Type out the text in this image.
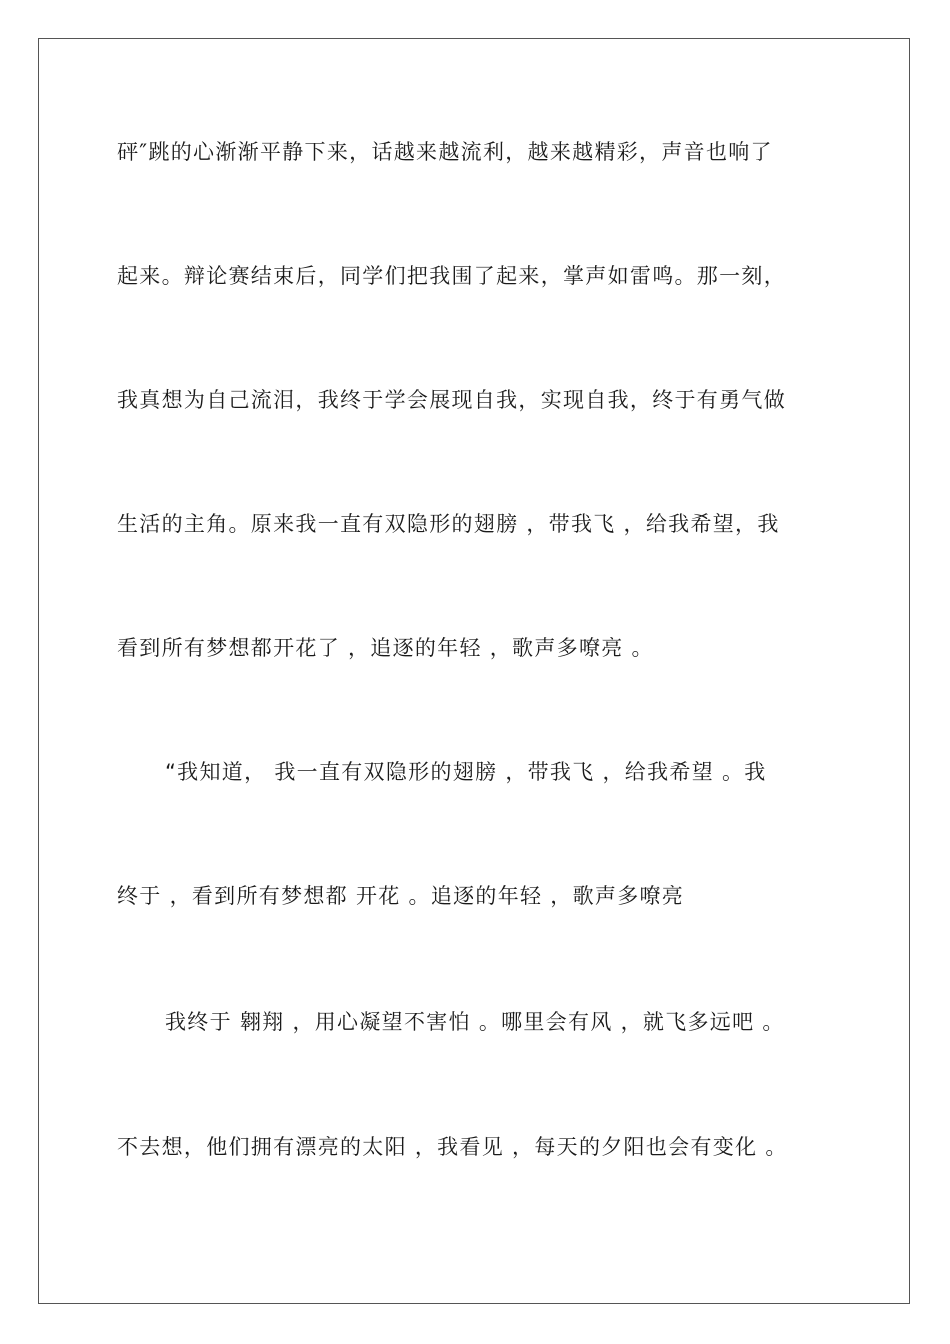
砰″跳的心渐渐平静下来，话越来越流利，越来越精彩，声音也响了
起来。辩论赛结束后，同学们把我围了起来，掌声如雷鸣。那一刻，
我真想为自己流泪，我终于学会展现自我，实现自我，终于有勇气做
生活的主角。原来我一直有双隐形的翅膀 ，带我飞 ，给我希望，我
看到所有梦想都开花了 ，追逐的年轻 ，歌声多嘹亮 。
“我知道， 我一直有双隐形的翅膀 ，带我飞 ，给我希望 。我
终于 ，看到所有梦想都 开花 。追逐的年轻 ，歌声多嘹亮
我终于 翱翔 ，用心凝望不害怕 。哪里会有风 ，就飞多远吧 。
不去想，他们拥有漂亮的太阳 ，我看见 ，每天的夕阳也会有变化 。
